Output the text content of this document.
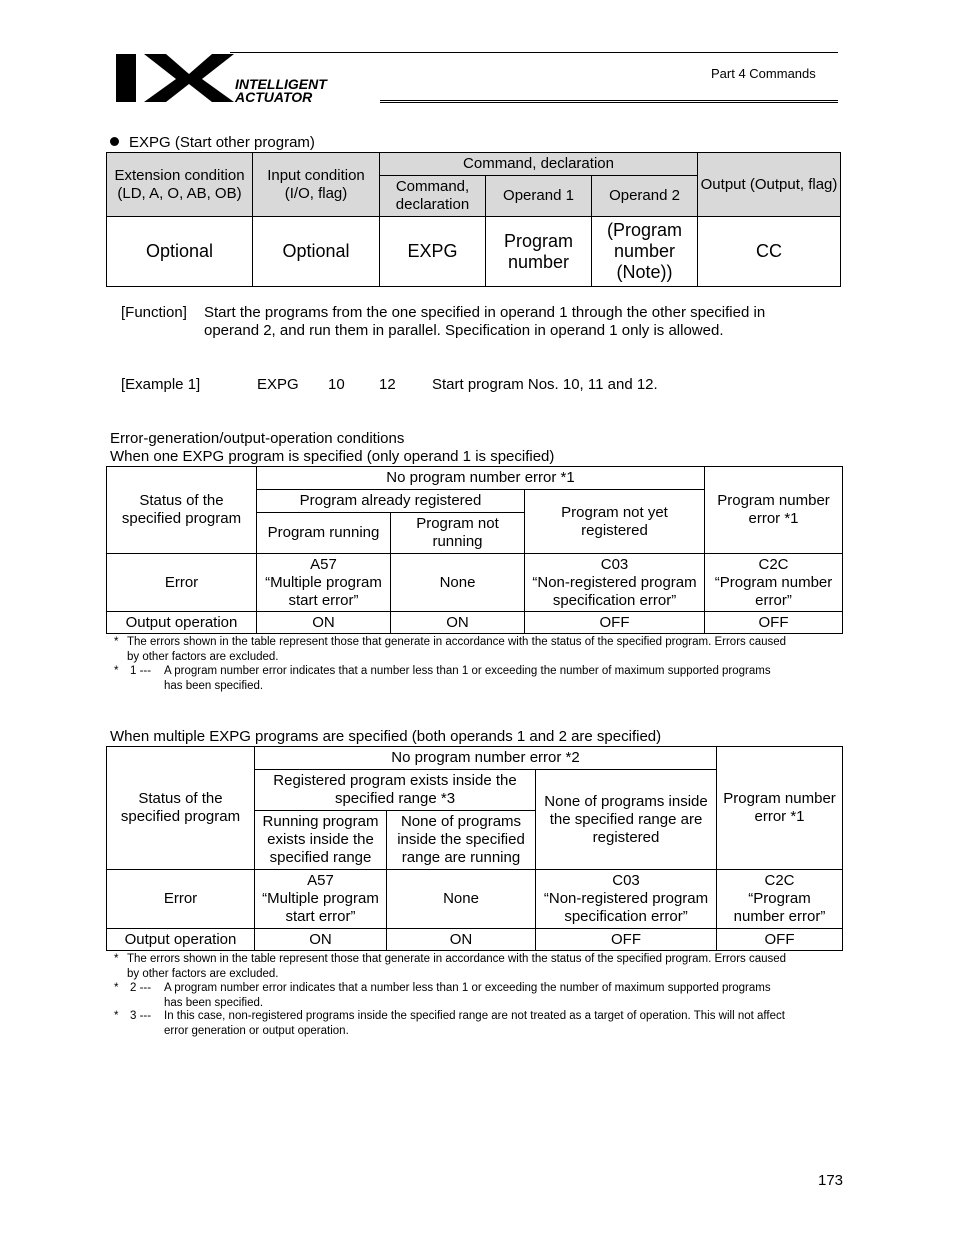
INTELLIGENT
ACTUATOR
Part 4 Commands
EXPG (Start other program)
Extension condition (LD, A, O, AB, OB)	Input condition (I/O, flag)	Command, declaration			Output (Output, flag)
		Command, declaration	Operand 1	Operand 2	
Optional	Optional	EXPG	Program number	(Program number (Note))	CC
[Function] Start the programs from the one specified in operand 1 through the other specified in
operand 2, and run them in parallel. Specification in operand 1 only is allowed.
[Example 1]	EXPG 10 12 Start program Nos. 10, 11 and 12.
Error-generation/output-operation conditions
When one EXPG program is specified (only operand 1 is specified)
Status of the specified program	No program number error *1			Program number error *1
	Program already registered		Program not yet registered	
	Program running	Program not running		
Error	A57
“Multiple program
start error”	None	C03
“Non-registered program
specification error”	C2C
“Program number
error”
Output operation	ON	ON	OFF	OFF
* The errors shown in the table represent those that generate in accordance with the status of the specified program. Errors caused
by other factors are excluded.
* 1 --- A program number error indicates that a number less than 1 or exceeding the number of maximum supported programs
has been specified.
When multiple EXPG programs are specified (both operands 1 and 2 are specified)
Status of the specified program	No program number error *2			Program number error *1
	Registered program exists inside the specified range *3		None of programs inside the specified range are registered	
	Running program exists inside the specified range	None of programs inside the specified range are running		
Error	A57
“Multiple program
start error”	None	C03
“Non-registered program
specification error”	C2C
“Program
number error”
Output operation	ON	ON	OFF	OFF
* The errors shown in the table represent those that generate in accordance with the status of the specified program. Errors caused
by other factors are excluded.
* 2 --- A program number error indicates that a number less than 1 or exceeding the number of maximum supported programs
has been specified.
* 3 --- In this case, non-registered programs inside the specified range are not treated as a target of operation. This will not affect
error generation or output operation.
173
